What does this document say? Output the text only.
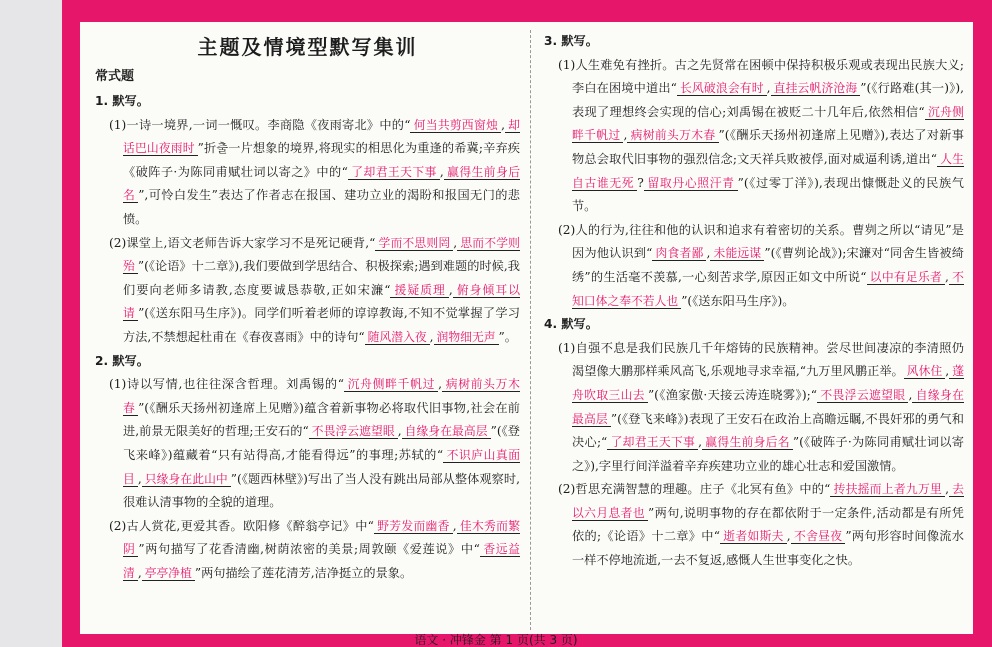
主题及情境型默写集训
常式题
1. 默写。

(1)一诗一境界,一词一慨叹。李商隐《夜雨寄北》中的“ 何当共剪西窗烛 , 却话巴山夜雨时 ”折출一片想象的境界,将现实的相思化为重逢的希冀;辛弃疾《破阵子·为陈同甫赋壮词以寄之》中的“ 了却君王天下事 , 赢得生前身后名 ”,可怜白发生”表达了作者志在报国、建功立业的渴盼和报国无门的悲愤。

(2)课堂上,语文老师告诉大家学习不是死记硬背,“ 学而不思则罔 , 思而不学则殆 ”(《论语》十二章》),我们要做到学思结合、积极探索;遇到难题的时候,我们要向老师多请教,态度要诚恳恭敬,正如宋濂“ 援疑质理 , 俯身倾耳以请 ”(《送东阳马生序》)。同学们听着老师的谆谆教诲,不知不觉掌握了学习方法,不禁想起杜甫在《春夜喜雨》中的诗句“ 随风潜入夜 , 润物细无声 ”。

2. 默写。

(1)诗以写情,也往往深含哲理。刘禹锡的“ 沉舟侧畔千帆过 , 病树前头万木春 ”(《酬乐天扬州初逢席上见赠》)蕴含着新事物必将取代旧事物,社会在前进,前景无限美好的哲理;王安石的“ 不畏浮云遮望眼 , 自缘身在最高层 ”(《登飞来峰》)蕴藏着“只有站得高,才能看得远”的事理;苏轼的“ 不识庐山真面目 , 只缘身在此山中 ”(《题西林壁》)写出了当人没有跳出局部从整体观察时,很难认清事物的全貌的道理。

(2)古人赏花,更爱其香。欧阳修《醉翁亭记》中“ 野芳发而幽香 , 佳木秀而繁阴 ”两句描写了花香清幽,树荫浓密的美景;周敦颐《爱莲说》中“ 香远益清 , 亭亭净植 ”两句描绘了莲花清芳,洁净挺立的景象。

3. 默写。

(1)人生难免有挫折。古之先贤常在困顿中保持积极乐观或表现出民族大义;李白在困境中道出“ 长风破浪会有时 , 直挂云帆济沧海 ”(《行路难(其一)》),表现了理想终会实现的信心;刘禹锡在被贬二十几年后,依然相信“ 沉舟侧畔千帆过 , 病树前头万木春 ”(《酬乐天扬州初逢席上见赠》),表达了对新事物总会取代旧事物的强烈信念;文天祥兵败被俘,面对威逼利诱,道出“ 人生自古谁无死 ? 留取丹心照汗青 ”(《过零丁洋》),表现出慷慨赴义的民族气节。

(2)人的行为,往往和他的认识和追求有着密切的关系。曹刿之所以“请见”是因为他认识到“ 肉食者鄙 , 未能远谋 ”(《曹刿论战》);宋濂对“同舍生皆被绮绣”的生活毫不羡慕,一心刻苦求学,原因正如文中所说“ 以中有足乐者 , 不知口体之奉不若人也 ”(《送东阳马生序》)。

4. 默写。

(1)自强不息是我们民族几千年熔铸的民族精神。尝尽世间凄凉的李清照仍渴望像大鹏那样乘风高飞,乐观地寻求幸福,“九万里风鹏正举。 风休住 , 蓬舟吹取三山去 ”(《渔家傲·天接云涛连晓雾》);“ 不畏浮云遮望眼 , 自缘身在最高层 ”(《登飞来峰》)表现了王安石在政治上高瞻远瞩,不畏奸邪的勇气和决心;“ 了却君王天下事 , 赢得生前身后名 ”(《破阵子·为陈同甫赋壮词以寄之》),字里行间洋溢着辛弃疾建功立业的雄心壮志和爱国激情。

(2)哲思充满智慧的理趣。庄子《北冥有鱼》中的“ 抟扶摇而上者九万里 , 去以六月息者也 ”两句,说明事物的存在都依附于一定条件,活动都是有所凭依的;《论语》十二章》中“ 逝者如斯夫 , 不舍昼夜 ”两句形容时间像流水一样不停地流逝,一去不复返,感慨人生世事变化之快。

语文 · 冲锋金 第 1 页(共 3 页)
